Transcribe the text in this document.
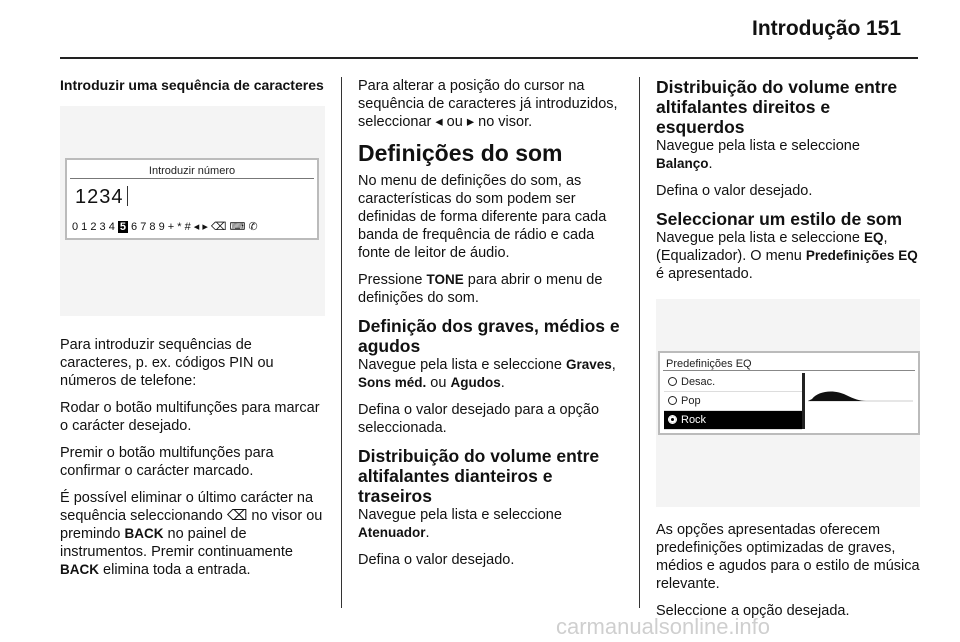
Introdução 151
Introduzir uma sequência de caracteres
Introduzir número
1234
0 1 2 3 4 5 6 7 8 9 + * # ◂ ▸ ⌫ ⌨ ✆

Para introduzir sequências de caracteres, p. ex. códigos PIN ou números de telefone:

Rodar o botão multifunções para marcar o carácter desejado.

Premir o botão multifunções para confirmar o carácter marcado.

É possível eliminar o último carácter na sequência seleccionando ⌫ no visor ou premindo BACK no painel de instrumentos. Premir continuamente BACK elimina toda a entrada.

Para alterar a posição do cursor na sequência de caracteres já introduzidos, seleccionar ◂ ou ▸ no visor.

Definições do som

No menu de definições do som, as características do som podem ser definidas de forma diferente para cada banda de frequência de rádio e cada fonte de leitor de áudio.

Pressione TONE para abrir o menu de definições do som.

Definição dos graves, médios e agudos

Navegue pela lista e seleccione Graves, Sons méd. ou Agudos.

Defina o valor desejado para a opção seleccionada.

Distribuição do volume entre altifalantes dianteiros e traseiros

Navegue pela lista e seleccione Atenuador.

Defina o valor desejado.

Distribuição do volume entre altifalantes direitos e esquerdos

Navegue pela lista e seleccione Balanço.

Defina o valor desejado.

Seleccionar um estilo de som

Navegue pela lista e seleccione EQ, (Equalizador). O menu Predefinições EQ é apresentado.

Predefinições EQ
Desac.
Pop
Rock

As opções apresentadas oferecem predefinições optimizadas de graves, médios e agudos para o estilo de música relevante.

Seleccione a opção desejada.

carmanualsonline.info
